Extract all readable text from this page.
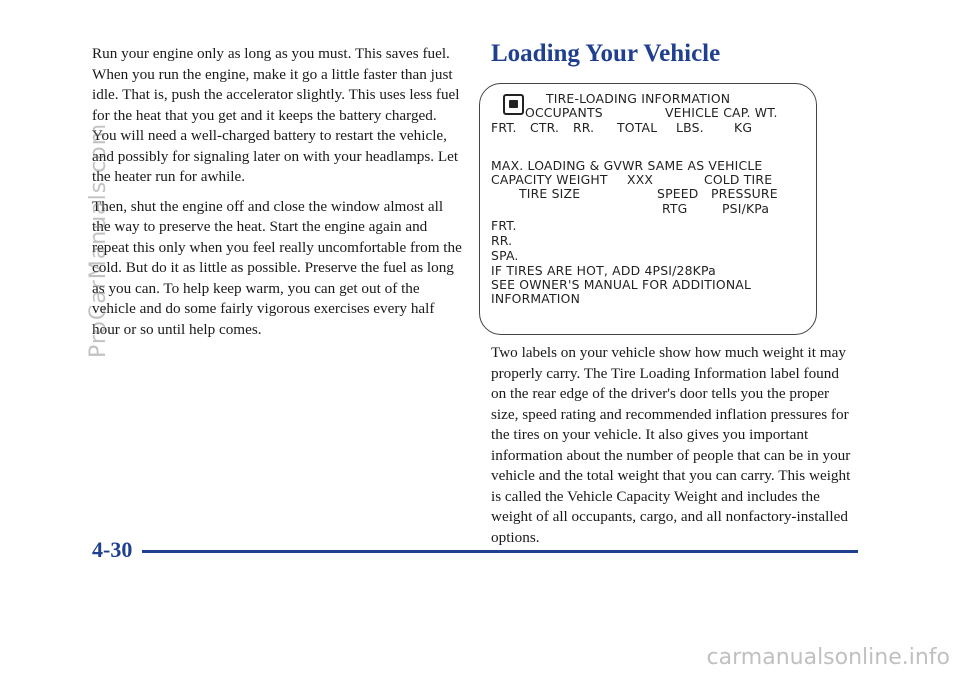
Run your engine only as long as you must. This saves fuel. When you run the engine, make it go a little faster than just idle. That is, push the accelerator slightly. This uses less fuel for the heat that you get and it keeps the battery charged. You will need a well-charged battery to restart the vehicle, and possibly for signaling later on with your headlamps. Let the heater run for awhile.

Then, shut the engine off and close the window almost all the way to preserve the heat. Start the engine again and repeat this only when you feel really uncomfortable from the cold. But do it as little as possible. Preserve the fuel as long as you can. To help keep warm, you can get out of the vehicle and do some fairly vigorous exercises every half hour or so until help comes.

Loading Your Vehicle
TIRE-LOADING INFORMATION
OCCUPANTS	VEHICLE CAP. WT.
FRT. CTR. RR. TOTAL LBS. KG
MAX. LOADING & GVWR SAME AS VEHICLE
CAPACITY WEIGHT XXX	COLD TIRE
TIRE SIZE	SPEED PRESSURE
RTG	PSI/KPa
FRT.
RR.
SPA.
IF TIRES ARE HOT, ADD 4PSI/28KPa
SEE OWNER'S MANUAL FOR ADDITIONAL
INFORMATION

Two labels on your vehicle show how much weight it may properly carry. The Tire Loading Information label found on the rear edge of the driver's door tells you the proper size, speed rating and recommended inflation pressures for the tires on your vehicle. It also gives you important information about the number of people that can be in your vehicle and the total weight that you can carry. This weight is called the Vehicle Capacity Weight and includes the weight of all occupants, cargo, and all nonfactory-installed options.

4-30
ProCarManuals.com
carmanualsonline.info
